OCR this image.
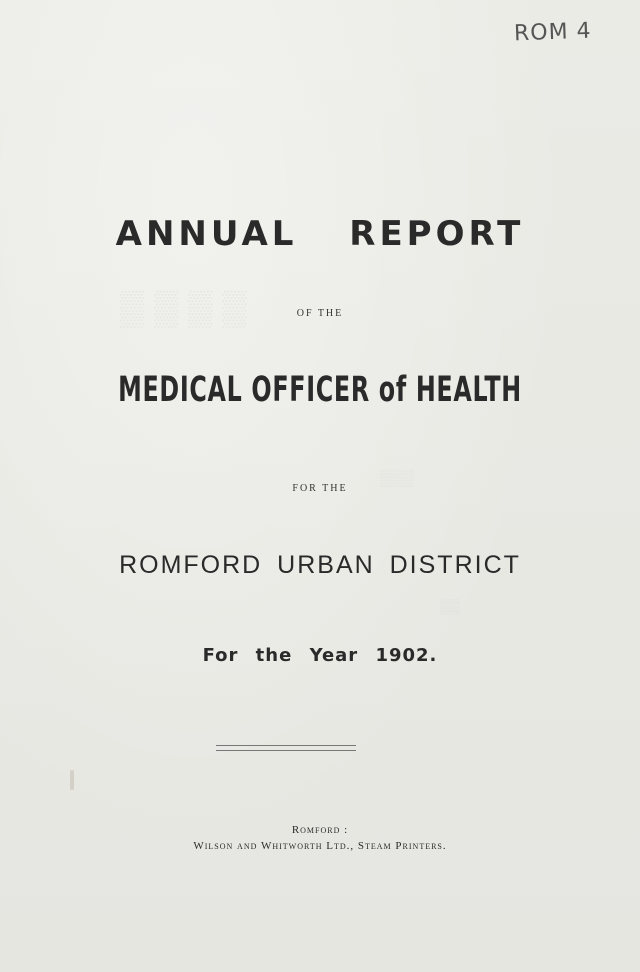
▒▒▒▒
▒▒▒
▒▒
ROM 4
ANNUAL REPORT
OF THE
MEDICAL OFFICER of HEALTH
FOR THE
ROMFORD URBAN DISTRICT
For the Year 1902.
Romford :
Wilson and Whitworth Ltd., Steam Printers.
